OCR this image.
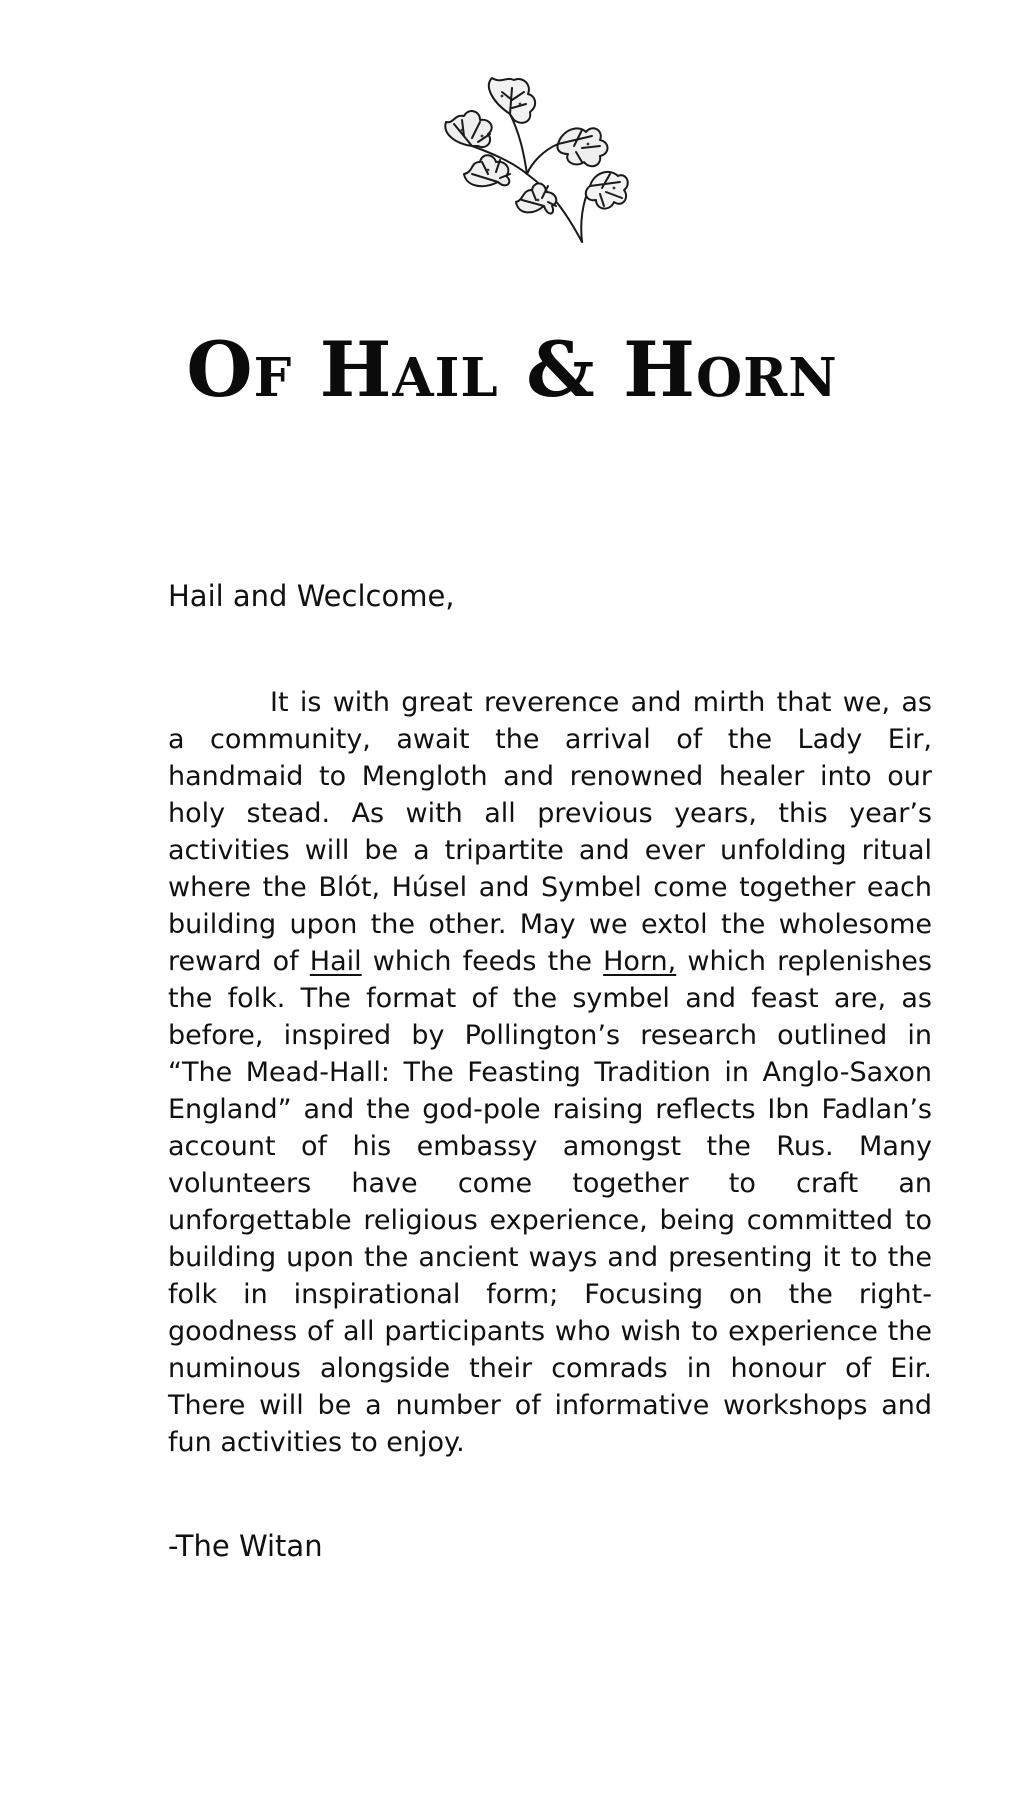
Of Hail & Horn
Hail and Weclcome,

It is with great reverence and mirth that we, as a community, await the arrival of the Lady Eir, handmaid to Mengloth and renowned healer into our holy stead. As with all previous years, this year’s activities will be a tripartite and ever unfolding ritual where the Blót, Húsel and Symbel come together each building upon the other. May we extol the wholesome reward of Hail which feeds the Horn, which replenishes the folk. The format of the symbel and feast are, as before, inspired by Pollington’s research outlined in “The Mead-Hall: The Feasting Tradition in Anglo-Saxon England” and the god-pole raising reflects Ibn Fadlan’s account of his embassy amongst the Rus. Many volunteers have come together to craft an unforgettable religious experience, being committed to building upon the ancient ways and presenting it to the folk in inspirational form; Focusing on the right-goodness of all participants who wish to experience the numinous alongside their comrads in honour of Eir. There will be a number of informative workshops and fun activities to enjoy.

-The Witan
